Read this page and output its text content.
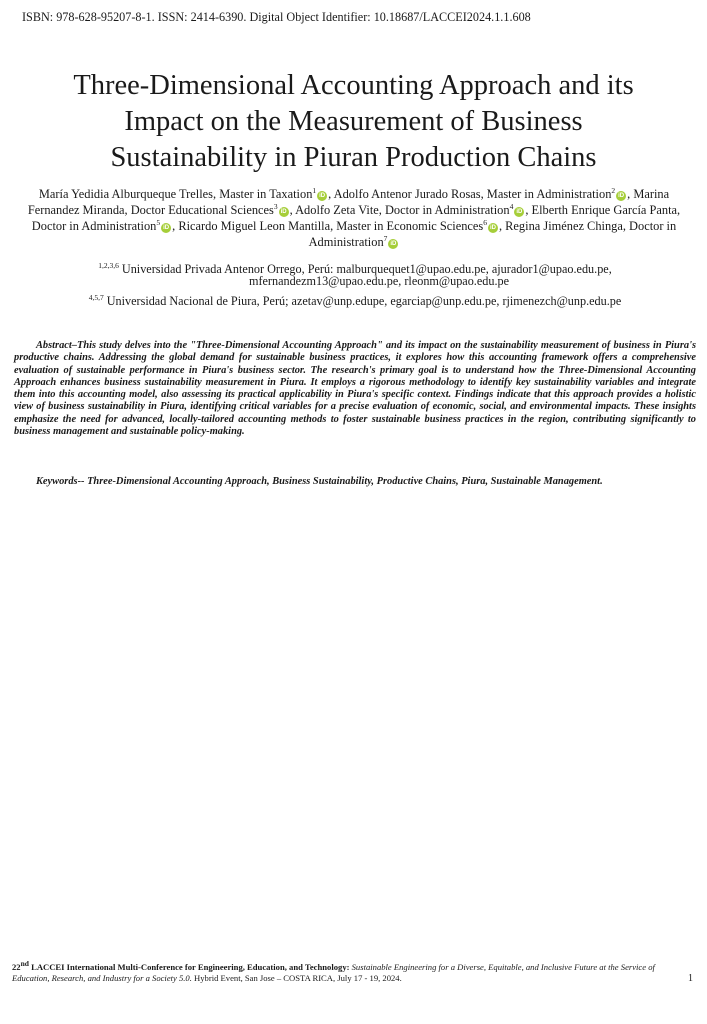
ISBN: 978-628-95207-8-1. ISSN: 2414-6390. Digital Object Identifier: 10.18687/LACCEI2024.1.1.608
Three-Dimensional Accounting Approach and its
Impact on the Measurement of Business
Sustainability in Piuran Production Chains
María Yedidia Alburqueque Trelles, Master in Taxation$^1$iD , Adolfo Antenor Jurado Rosas, Master in Administration$^2$iD , Marina Fernandez Miranda, Doctor Educational Sciences$^3$iD , Adolfo Zeta Vite, Doctor in Administration$^4$iD , Elberth Enrique García Panta, Doctor in Administration$^5$iD , Ricardo Miguel Leon Mantilla, Master in Economic Sciences$^6$iD , Regina Jiménez Chinga, Doctor in Administration$^7$iD
$^{1,2,3,6}$ Universidad Privada Antenor Orrego, Perú: malburquequet1@upao.edu.pe, ajurador1@upao.edu.pe,
mfernandezm13@upao.edu.pe, rleonm@upao.edu.pe
$^{4,5,7}$ Universidad Nacional de Piura, Perú; azetav@unp.edupe, egarciap@unp.edu.pe, rjimenezch@unp.edu.pe

Abstract–This study delves into the "Three-Dimensional Accounting Approach" and its impact on the sustainability measurement of business in Piura's productive chains. Addressing the global demand for sustainable business practices, it explores how this accounting framework offers a comprehensive evaluation of sustainable performance in Piura's business sector. The research's primary goal is to understand how the Three-Dimensional Accounting Approach enhances business sustainability measurement in Piura. It employs a rigorous methodology to identify key sustainability variables and integrate them into this accounting model, also assessing its practical applicability in Piura's specific context. Findings indicate that this approach provides a holistic view of business sustainability in Piura, identifying critical variables for a precise evaluation of economic, social, and environmental impacts. These insights emphasize the need for advanced, locally-tailored accounting methods to foster sustainable business practices in the region, contributing significantly to business management and sustainable policy-making.

Keywords-- Three-Dimensional Accounting Approach, Business Sustainability, Productive Chains, Piura, Sustainable Management.

22nd LACCEI International Multi-Conference for Engineering, Education, and Technology: Sustainable Engineering for a Diverse, Equitable, and Inclusive Future at the Service of Education, Research, and Industry for a Society 5.0. Hybrid Event, San Jose – COSTA RICA, July 17 - 19, 2024.	1
